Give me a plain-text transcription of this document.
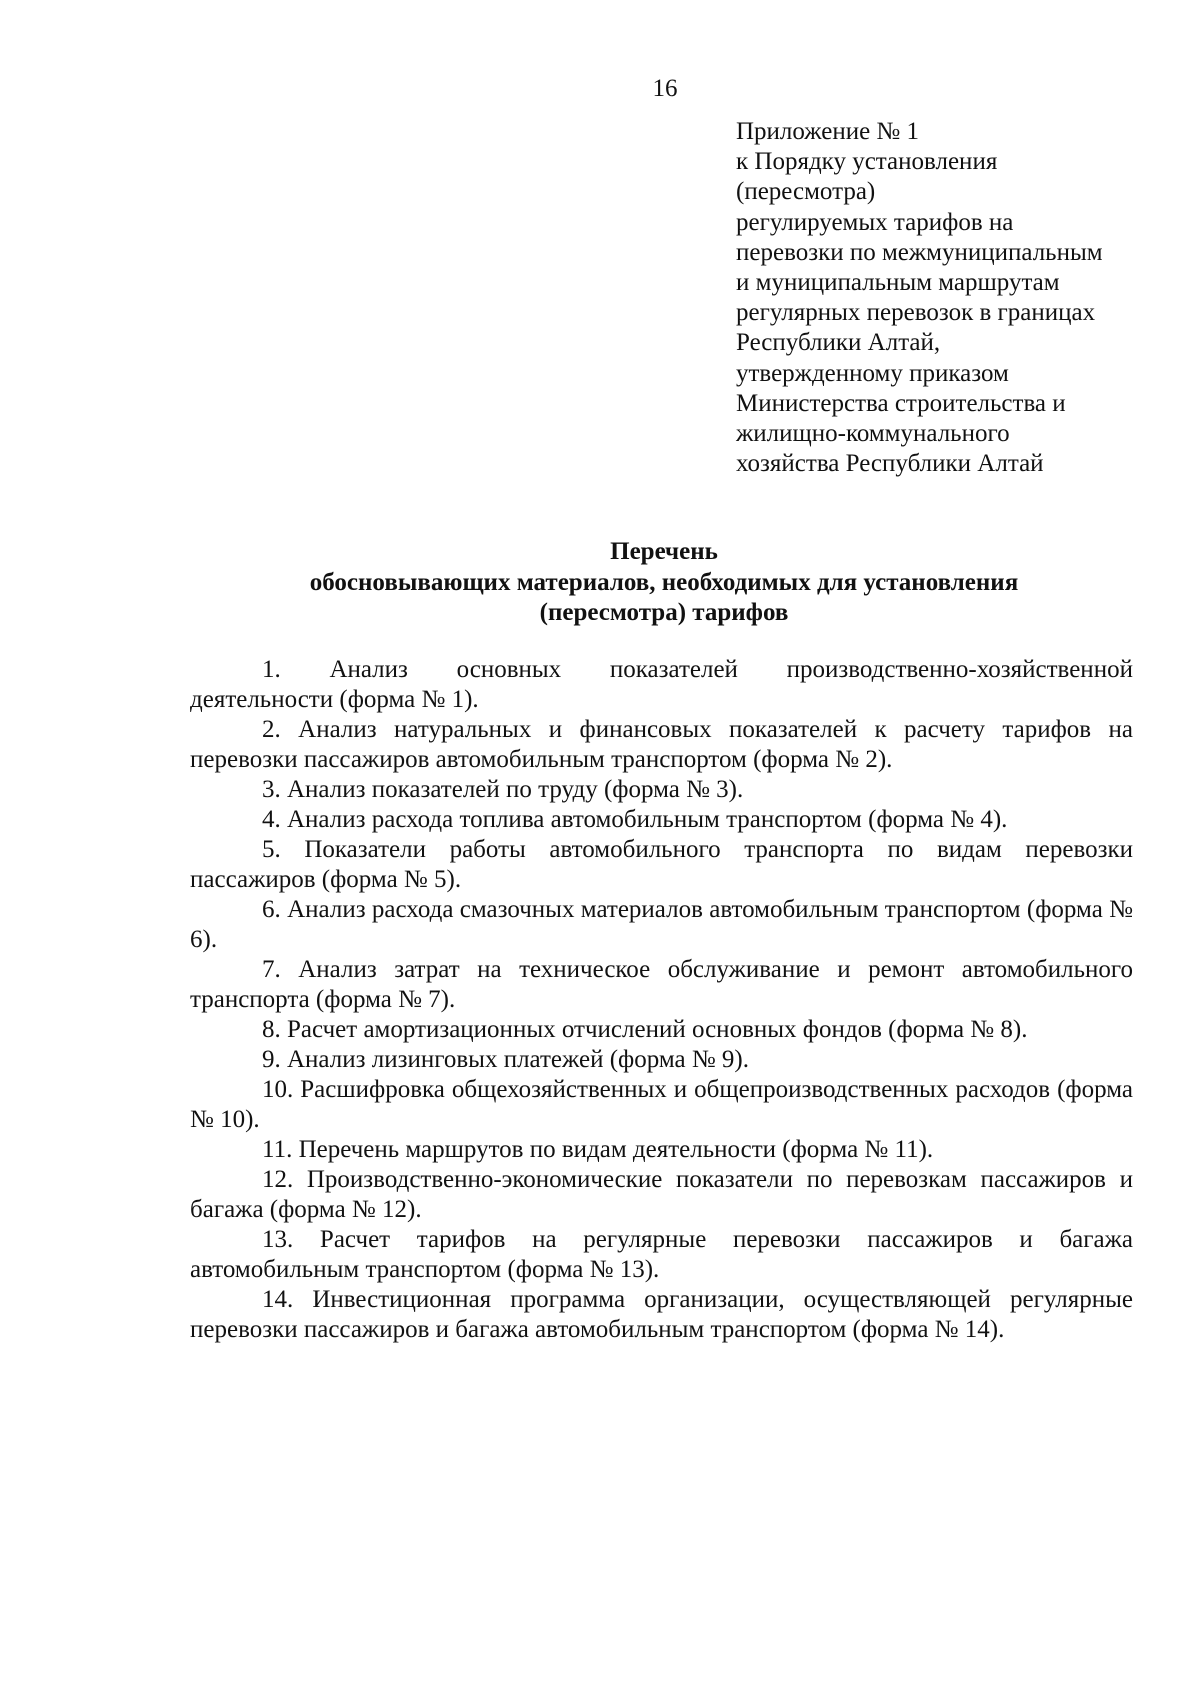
16
Приложение № 1
к Порядку установления
(пересмотра)
регулируемых тарифов на
перевозки по межмуниципальным
и муниципальным маршрутам
регулярных перевозок в границах
Республики Алтай,
утвержденному приказом
Министерства строительства и
жилищно-коммунального
хозяйства Республики Алтай
Перечень
обосновывающих материалов, необходимых для установления
(пересмотра) тарифов

1. Анализ основных показателей производственно-хозяйственной
деятельности (форма № 1).

2. Анализ натуральных и финансовых показателей к расчету тарифов на перевозки пассажиров автомобильным транспортом (форма № 2).

3. Анализ показателей по труду (форма № 3).

4. Анализ расхода топлива автомобильным транспортом (форма № 4).

5. Показатели работы автомобильного транспорта по видам перевозки пассажиров (форма № 5).

6. Анализ расхода смазочных материалов автомобильным транспортом (форма № 6).

7. Анализ затрат на техническое обслуживание и ремонт автомобильного транспорта (форма № 7).

8. Расчет амортизационных отчислений основных фондов (форма № 8).

9. Анализ лизинговых платежей (форма № 9).

10. Расшифровка общехозяйственных и общепроизводственных расходов (форма № 10).

11. Перечень маршрутов по видам деятельности (форма № 11).

12. Производственно-экономические показатели по перевозкам пассажиров и багажа (форма № 12).

13. Расчет тарифов на регулярные перевозки пассажиров и багажа автомобильным транспортом (форма № 13).

14. Инвестиционная программа организации, осуществляющей регулярные перевозки пассажиров и багажа автомобильным транспортом (форма № 14).
